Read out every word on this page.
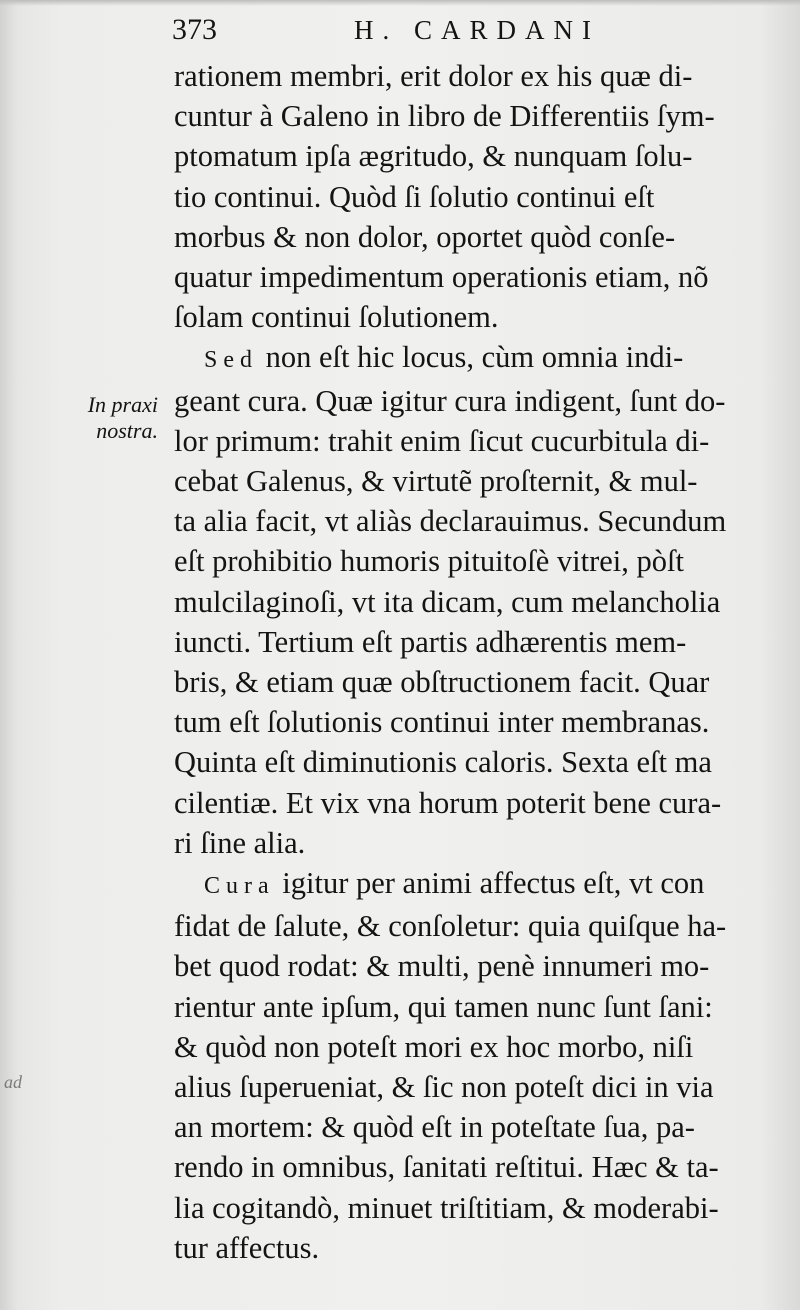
373	H. CARDANI
In praxi
nostra.
ad
rationem membri, erit dolor ex his quæ di-
cuntur à Galeno in libro de Differentiis ſym-
ptomatum ipſa ægritudo, & nunquam ſolu-
tio continui. Quòd ſi ſolutio continui eſt
morbus & non dolor, oportet quòd conſe-
quatur impedimentum operationis etiam, nõ
ſolam continui ſolutionem.
Sed non eſt hic locus, cùm omnia indi-
geant cura. Quæ igitur cura indigent, ſunt do-
lor primum: trahit enim ſicut cucurbitula di-
cebat Galenus, & virtutẽ proſternit, & mul-
ta alia facit, vt aliàs declarauimus. Secundum
eſt prohibitio humoris pituitoſè vitrei, pòſt
mulcilaginoſi, vt ita dicam, cum melancholia
iuncti. Tertium eſt partis adhærentis mem-
bris, & etiam quæ obſtructionem facit. Quar
tum eſt ſolutionis continui inter membranas.
Quinta eſt diminutionis caloris. Sexta eſt ma
cilentiæ. Et vix vna horum poterit bene cura-
ri ſine alia.
Cura igitur per animi affectus eſt, vt con
fidat de ſalute, & conſoletur: quia quiſque ha-
bet quod rodat: & multi, penè innumeri mo-
rientur ante ipſum, qui tamen nunc ſunt ſani:
& quòd non poteſt mori ex hoc morbo, niſi
alius ſuperueniat, & ſic non poteſt dici in via
an mortem: & quòd eſt in poteſtate ſua, pa-
rendo in omnibus, ſanitati reſtitui. Hæc & ta-
lia cogitandò, minuet triſtitiam, & moderabi-
tur affectus.
